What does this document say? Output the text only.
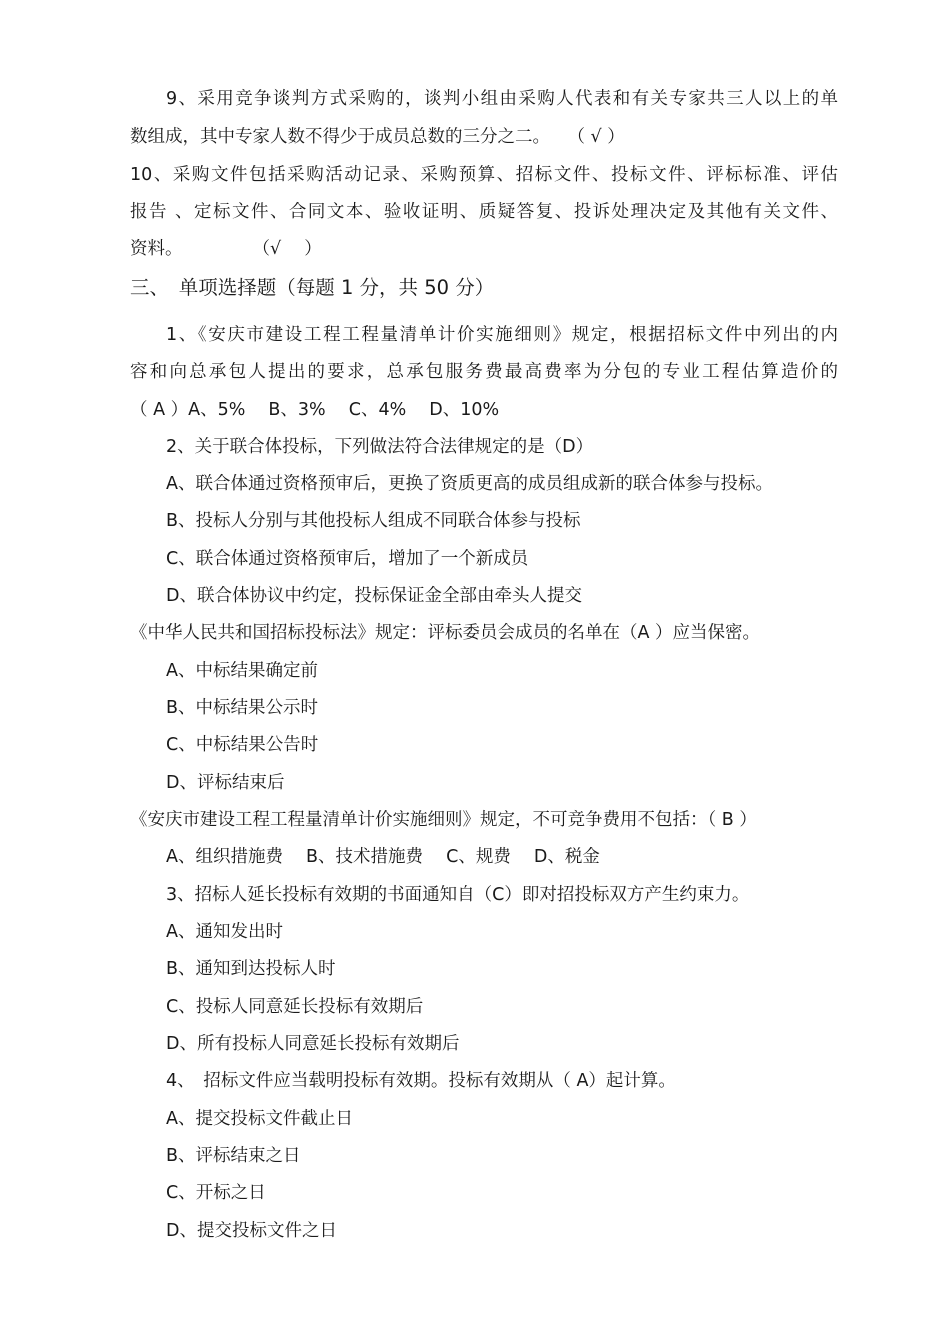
9、采用竞争谈判方式采购的，谈判小组由采购人代表和有关专家共三人以上的单
数组成，其中专家人数不得少于成员总数的三分之二。　　（ √ ）
10、采购文件包括采购活动记录、采购预算、招标文件、投标文件、评标标准、评估
报告 、定标文件、合同文本、验收证明、质疑答复、投诉处理决定及其他有关文件、
资料。　　　　　（√　 ）
三、　单项选择题（每题 1 分，共 50 分）
1、《安庆市建设工程工程量清单计价实施细则》规定，根据招标文件中列出的内
容和向总承包人提出的要求，总承包服务费最高费率为分包的专业工程估算造价的
（ A ）A、5%　 B、3%　 C、4%　 D、10%
2、关于联合体投标，下列做法符合法律规定的是（D）
A、联合体通过资格预审后，更换了资质更高的成员组成新的联合体参与投标。
B、投标人分别与其他投标人组成不同联合体参与投标
C、联合体通过资格预审后，增加了一个新成员
D、联合体协议中约定，投标保证金全部由牵头人提交
《中华人民共和国招标投标法》规定：评标委员会成员的名单在（A ）应当保密。
A、中标结果确定前
B、中标结果公示时
C、中标结果公告时
D、评标结束后
《安庆市建设工程工程量清单计价实施细则》规定，不可竞争费用不包括：（ B ）
A、组织措施费　 B、技术措施费　 C、规费　 D、税金
3、招标人延长投标有效期的书面通知自（C）即对招投标双方产生约束力。
A、通知发出时
B、通知到达投标人时
C、投标人同意延长投标有效期后
D、所有投标人同意延长投标有效期后
4、　招标文件应当载明投标有效期。投标有效期从（ A）起计算。
A、提交投标文件截止日
B、评标结束之日
C、开标之日
D、提交投标文件之日
